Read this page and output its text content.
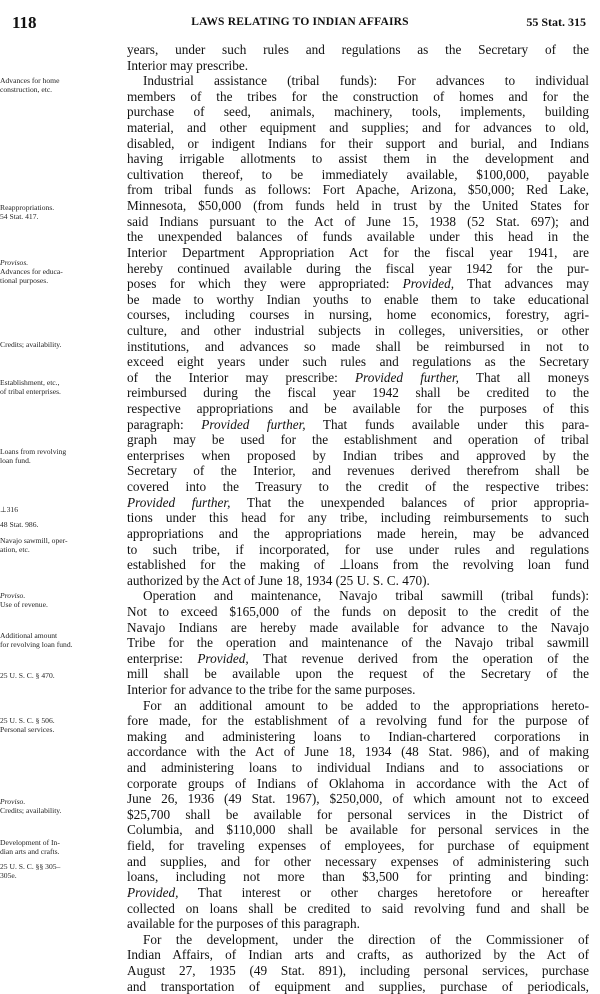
118	LAWS RELATING TO INDIAN AFFAIRS	55 Stat. 315
Advances for home
construction, etc.
Reappropriations.
54 Stat. 417.
Provisos.
Advances for educa-
tional purposes.
Credits; availability.
Establishment, etc.,
of tribal enterprises.
Loans from revolving
loan fund.
⊥316
48 Stat. 986.
Navajo sawmill, oper-
ation, etc.
Proviso.
Use of revenue.
Additional amount
for revolving loan fund.
25 U. S. C. § 470.
25 U. S. C. § 506.
Personal services.
Proviso.
Credits; availability.
Development of In-
dian arts and crafts.
25 U. S. C. §§ 305–
305e.
years, under such rules and regulations as the Secretary of the
Interior may prescribe.
Industrial assistance (tribal funds): For advances to individual
members of the tribes for the construction of homes and for the
purchase of seed, animals, machinery, tools, implements, building
material, and other equipment and supplies; and for advances to old,
disabled, or indigent Indians for their support and burial, and Indians
having irrigable allotments to assist them in the development and
cultivation thereof, to be immediately available, $100,000, payable
from tribal funds as follows: Fort Apache, Arizona, $50,000; Red Lake,
Minnesota, $50,000 (from funds held in trust by the United States for
said Indians pursuant to the Act of June 15, 1938 (52 Stat. 697); and
the unexpended balances of funds available under this head in the
Interior Department Appropriation Act for the fiscal year 1941, are
hereby continued available during the fiscal year 1942 for the pur-
poses for which they were appropriated: Provided, That advances may
be made to worthy Indian youths to enable them to take educational
courses, including courses in nursing, home economics, forestry, agri-
culture, and other industrial subjects in colleges, universities, or other
institutions, and advances so made shall be reimbursed in not to
exceed eight years under such rules and regulations as the Secretary
of the Interior may prescribe: Provided further, That all moneys
reimbursed during the fiscal year 1942 shall be credited to the
respective appropriations and be available for the purposes of this
paragraph: Provided further, That funds available under this para-
graph may be used for the establishment and operation of tribal
enterprises when proposed by Indian tribes and approved by the
Secretary of the Interior, and revenues derived therefrom shall be
covered into the Treasury to the credit of the respective tribes:
Provided further, That the unexpended balances of prior appropria-
tions under this head for any tribe, including reimbursements to such
appropriations and the appropriations made herein, may be advanced
to such tribe, if incorporated, for use under rules and regulations
established for the making of ⊥loans from the revolving loan fund
authorized by the Act of June 18, 1934 (25 U. S. C. 470).
Operation and maintenance, Navajo tribal sawmill (tribal funds):
Not to exceed $165,000 of the funds on deposit to the credit of the
Navajo Indians are hereby made available for advance to the Navajo
Tribe for the operation and maintenance of the Navajo tribal sawmill
enterprise: Provided, That revenue derived from the operation of the
mill shall be available upon the request of the Secretary of the
Interior for advance to the tribe for the same purposes.
For an additional amount to be added to the appropriations hereto-
fore made, for the establishment of a revolving fund for the purpose of
making and administering loans to Indian-chartered corporations in
accordance with the Act of June 18, 1934 (48 Stat. 986), and of making
and administering loans to individual Indians and to associations or
corporate groups of Indians of Oklahoma in accordance with the Act of
June 26, 1936 (49 Stat. 1967), $250,000, of which amount not to exceed
$25,700 shall be available for personal services in the District of
Columbia, and $110,000 shall be available for personal services in the
field, for traveling expenses of employees, for purchase of equipment
and supplies, and for other necessary expenses of administering such
loans, including not more than $3,500 for printing and binding:
Provided, That interest or other charges heretofore or hereafter
collected on loans shall be credited to said revolving fund and shall be
available for the purposes of this paragraph.
For the development, under the direction of the Commissioner of
Indian Affairs, of Indian arts and crafts, as authorized by the Act of
August 27, 1935 (49 Stat. 891), including personal services, purchase
and transportation of equipment and supplies, purchase of periodicals,
